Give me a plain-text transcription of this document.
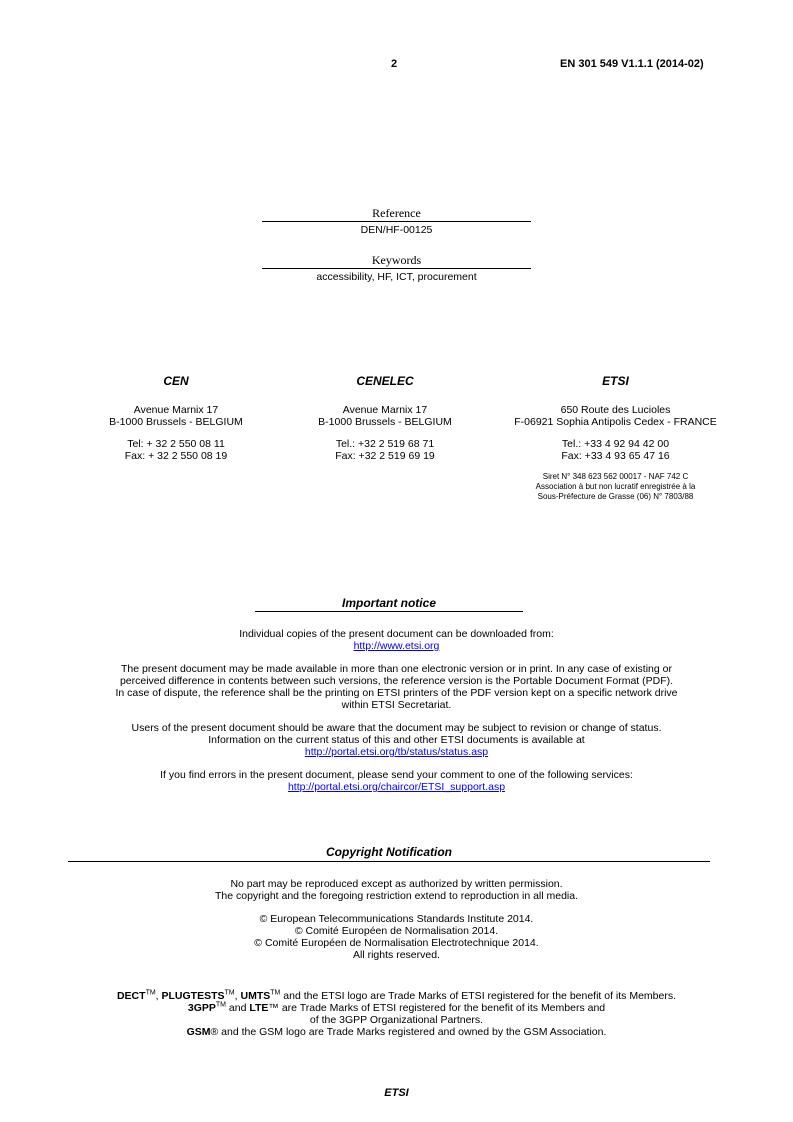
2	EN 301 549 V1.1.1 (2014-02)
Reference
DEN/HF-00125
Keywords
accessibility, HF, ICT, procurement
CEN
Avenue Marnix 17
B-1000 Brussels - BELGIUM
Tel: + 32 2 550 08 11
Fax: + 32 2 550 08 19
CENELEC
Avenue Marnix 17
B-1000 Brussels - BELGIUM
Tel.: +32 2 519 68 71
Fax: +32 2 519 69 19
ETSI
650 Route des Lucioles
F-06921 Sophia Antipolis Cedex - FRANCE
Tel.: +33 4 92 94 42 00
Fax: +33 4 93 65 47 16
Siret N° 348 623 562 00017 - NAF 742 C
Association à but non lucratif enregistrée à la
Sous-Préfecture de Grasse (06) N° 7803/88
Important notice
Individual copies of the present document can be downloaded from:
http://www.etsi.org
The present document may be made available in more than one electronic version or in print. In any case of existing or
perceived difference in contents between such versions, the reference version is the Portable Document Format (PDF).
In case of dispute, the reference shall be the printing on ETSI printers of the PDF version kept on a specific network drive
within ETSI Secretariat.
Users of the present document should be aware that the document may be subject to revision or change of status.
Information on the current status of this and other ETSI documents is available at
http://portal.etsi.org/tb/status/status.asp
If you find errors in the present document, please send your comment to one of the following services:
http://portal.etsi.org/chaircor/ETSI_support.asp
Copyright Notification
No part may be reproduced except as authorized by written permission.
The copyright and the foregoing restriction extend to reproduction in all media.
© European Telecommunications Standards Institute 2014.
© Comité Européen de Normalisation 2014.
© Comité Européen de Normalisation Electrotechnique 2014.
All rights reserved.
DECT™, PLUGTESTS™, UMTS™ and the ETSI logo are Trade Marks of ETSI registered for the benefit of its Members.
3GPP™ and LTE™ are Trade Marks of ETSI registered for the benefit of its Members and
of the 3GPP Organizational Partners.
GSM® and the GSM logo are Trade Marks registered and owned by the GSM Association.
ETSI
